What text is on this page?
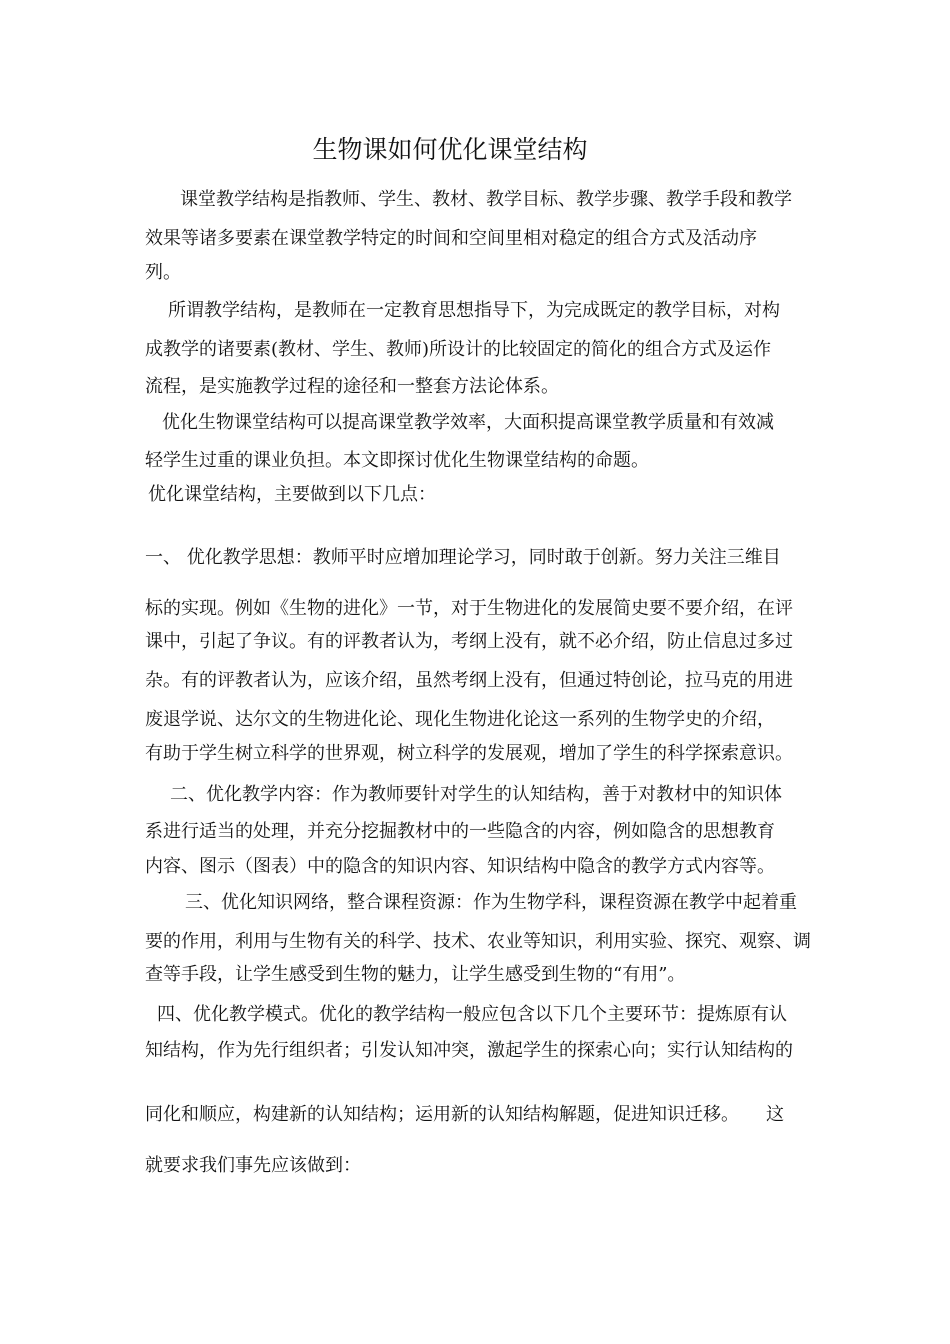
生物课如何优化课堂结构
课堂教学结构是指教师、学生、教材、教学目标、教学步骤、教学手段和教学
效果等诸多要素在课堂教学特定的时间和空间里相对稳定的组合方式及活动序
列。
所谓教学结构，是教师在一定教育思想指导下，为完成既定的教学目标，对构
成教学的诸要素(教材、学生、教师)所设计的比较固定的简化的组合方式及运作
流程，是实施教学过程的途径和一整套方法论体系。
优化生物课堂结构可以提高课堂教学效率，大面积提高课堂教学质量和有效减
轻学生过重的课业负担。本文即探讨优化生物课堂结构的命题。
优化课堂结构，主要做到以下几点：
一、 优化教学思想：教师平时应增加理论学习，同时敢于创新。努力关注三维目
标的实现。例如《生物的进化》一节，对于生物进化的发展简史要不要介绍，在评
课中，引起了争议。有的评教者认为，考纲上没有，就不必介绍，防止信息过多过
杂。有的评教者认为，应该介绍，虽然考纲上没有，但通过特创论，拉马克的用进
废退学说、达尔文的生物进化论、现化生物进化论这一系列的生物学史的介绍，
有助于学生树立科学的世界观，树立科学的发展观，增加了学生的科学探索意识。
二、优化教学内容：作为教师要针对学生的认知结构，善于对教材中的知识体
系进行适当的处理，并充分挖掘教材中的一些隐含的内容，例如隐含的思想教育
内容、图示（图表）中的隐含的知识内容、知识结构中隐含的教学方式内容等。
三、优化知识网络，整合课程资源：作为生物学科，课程资源在教学中起着重
要的作用，利用与生物有关的科学、技术、农业等知识，利用实验、探究、观察、调
查等手段，让学生感受到生物的魅力，让学生感受到生物的“有用”。
四、优化教学模式。优化的教学结构一般应包含以下几个主要环节：提炼原有认
知结构，作为先行组织者；引发认知冲突，激起学生的探索心向；实行认知结构的
同化和顺应，构建新的认知结构；运用新的认知结构解题，促进知识迁移。　　这
就要求我们事先应该做到：
